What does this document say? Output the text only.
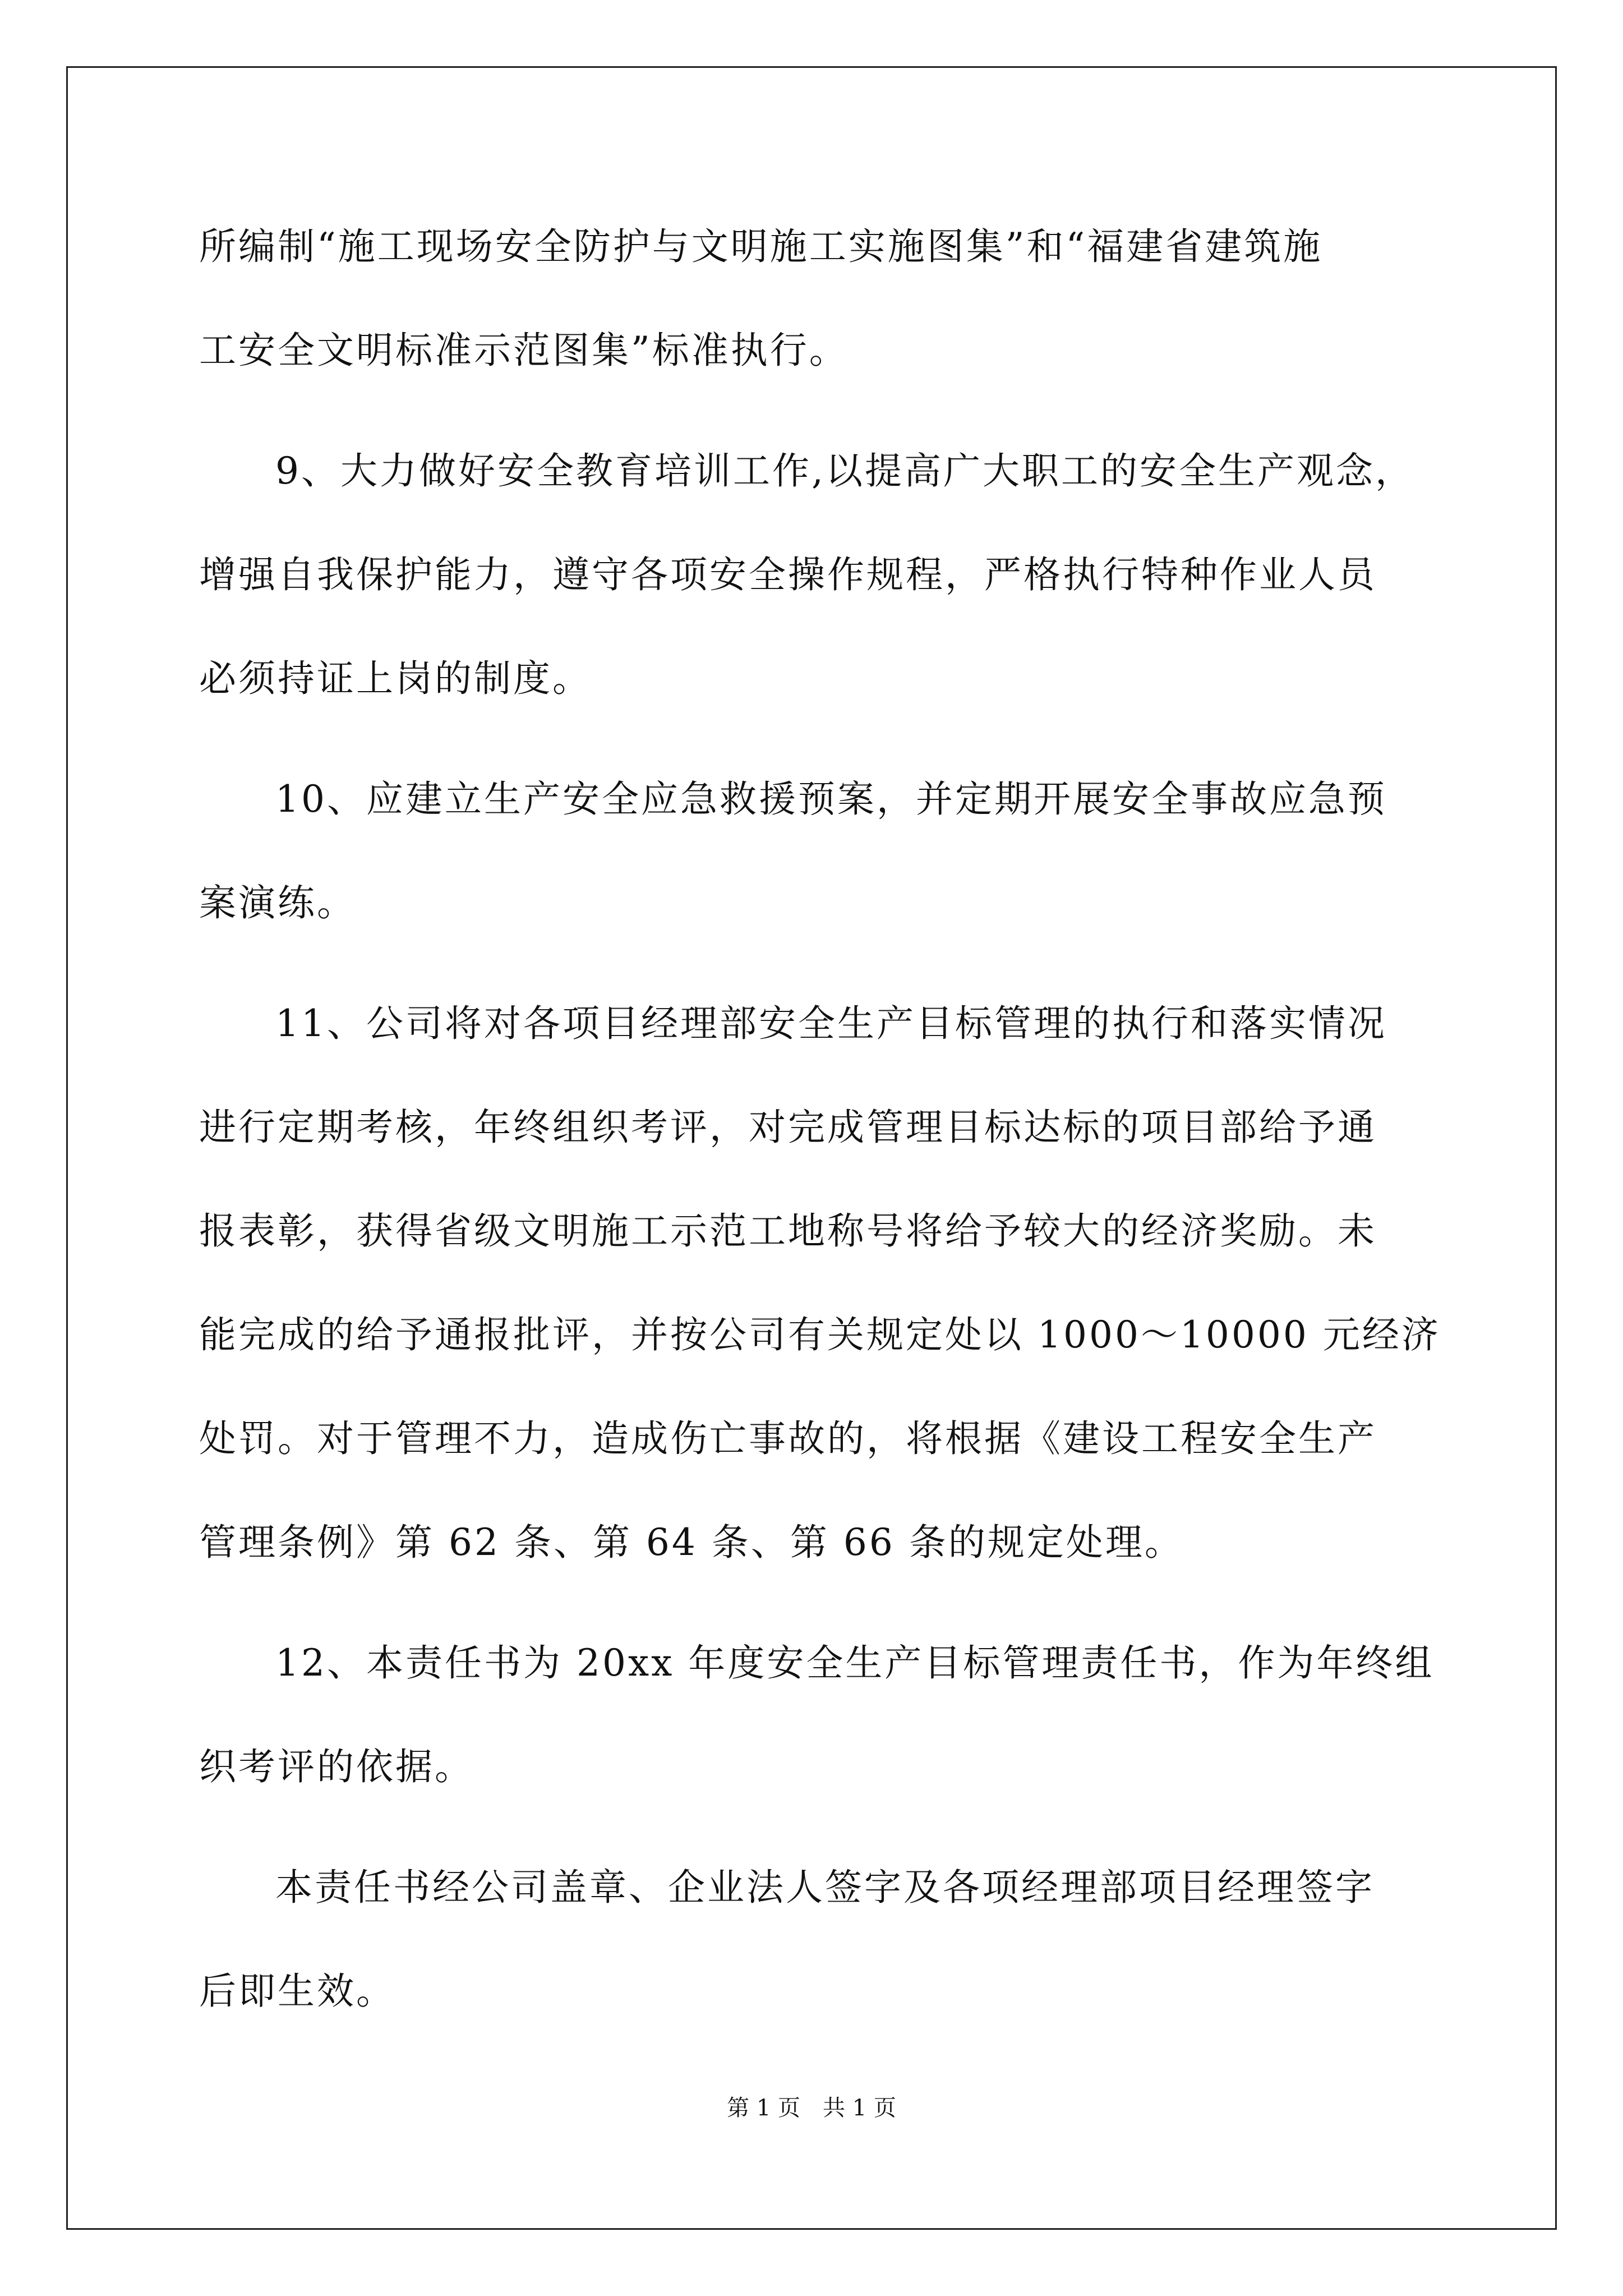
所编制“施工现场安全防护与文明施工实施图集”和“福建省建筑施
工安全文明标准示范图集”标准执行。
9、大力做好安全教育培训工作,以提高广大职工的安全生产观念，
增强自我保护能力，遵守各项安全操作规程，严格执行特种作业人员
必须持证上岗的制度。
10、应建立生产安全应急救援预案，并定期开展安全事故应急预
案演练。
11、公司将对各项目经理部安全生产目标管理的执行和落实情况
进行定期考核，年终组织考评，对完成管理目标达标的项目部给予通
报表彰，获得省级文明施工示范工地称号将给予较大的经济奖励。未
能完成的给予通报批评，并按公司有关规定处以 1000～10000 元经济
处罚。对于管理不力，造成伤亡事故的，将根据《建设工程安全生产
管理条例》第 62 条、第 64 条、第 66 条的规定处理。
12、本责任书为 20xx 年度安全生产目标管理责任书，作为年终组
织考评的依据。
本责任书经公司盖章、企业法人签字及各项经理部项目经理签字
后即生效。
第 1 页　共 1 页
